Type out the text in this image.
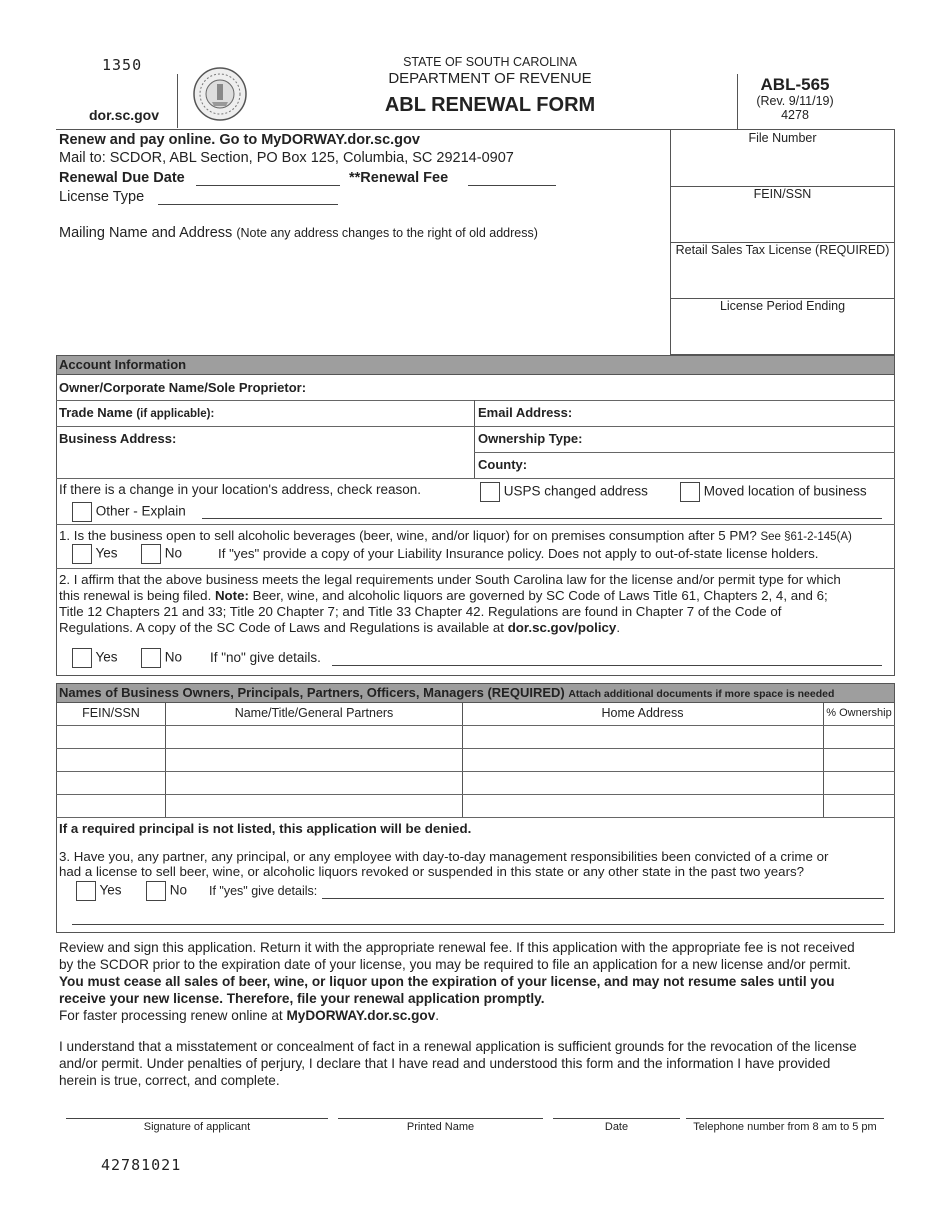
1350
dor.sc.gov
STATE OF SOUTH CAROLINA
DEPARTMENT OF REVENUE
ABL RENEWAL FORM
ABL-565
(Rev. 9/11/19)
4278
Renew and pay online. Go to MyDORWAY.dor.sc.gov
Mail to: SCDOR, ABL Section, PO Box 125, Columbia, SC 29214-0907
Renewal Due Date	**Renewal Fee
License Type
Mailing Name and Address (Note any address changes to the right of old address)
File Number
FEIN/SSN
Retail Sales Tax License (REQUIRED)
License Period Ending
Account Information
Owner/Corporate Name/Sole Proprietor:
Trade Name (if applicable):	Email Address:
Business Address:	Ownership Type:
County:
If there is a change in your location's address, check reason.	USPS changed address	Moved location of business
Other - Explain
1. Is the business open to sell alcoholic beverages (beer, wine, and/or liquor) for on premises consumption after 5 PM? See §61-2-145(A)
Yes	No	If "yes" provide a copy of your Liability Insurance policy. Does not apply to out-of-state license holders.
2. I affirm that the above business meets the legal requirements under South Carolina law for the license and/or permit type for which
this renewal is being filed. Note: Beer, wine, and alcoholic liquors are governed by SC Code of Laws Title 61, Chapters 2, 4, and 6;
Title 12 Chapters 21 and 33; Title 20 Chapter 7; and Title 33 Chapter 42. Regulations are found in Chapter 7 of the Code of
Regulations. A copy of the SC Code of Laws and Regulations is available at dor.sc.gov/policy.
Yes	No If "no" give details.
Names of Business Owners, Principals, Partners, Officers, Managers (REQUIRED) Attach additional documents if more space is needed
FEIN/SSN	Name/Title/General Partners	Home Address	% Ownership
If a required principal is not listed, this application will be denied.
3. Have you, any partner, any principal, or any employee with day-to-day management responsibilities been convicted of a crime or
had a license to sell beer, wine, or alcoholic liquors revoked or suspended in this state or any other state in the past two years?
Yes	No If "yes" give details:
Review and sign this application. Return it with the appropriate renewal fee. If this application with the appropriate fee is not received
by the SCDOR prior to the expiration date of your license, you may be required to file an application for a new license and/or permit.
You must cease all sales of beer, wine, or liquor upon the expiration of your license, and may not resume sales until you
receive your new license. Therefore, file your renewal application promptly.
For faster processing renew online at MyDORWAY.dor.sc.gov.
I understand that a misstatement or concealment of fact in a renewal application is sufficient grounds for the revocation of the license
and/or permit. Under penalties of perjury, I declare that I have read and understood this form and the information I have provided
herein is true, correct, and complete.
Signature of applicant	Printed Name	Date	Telephone number from 8 am to 5 pm
42781021
